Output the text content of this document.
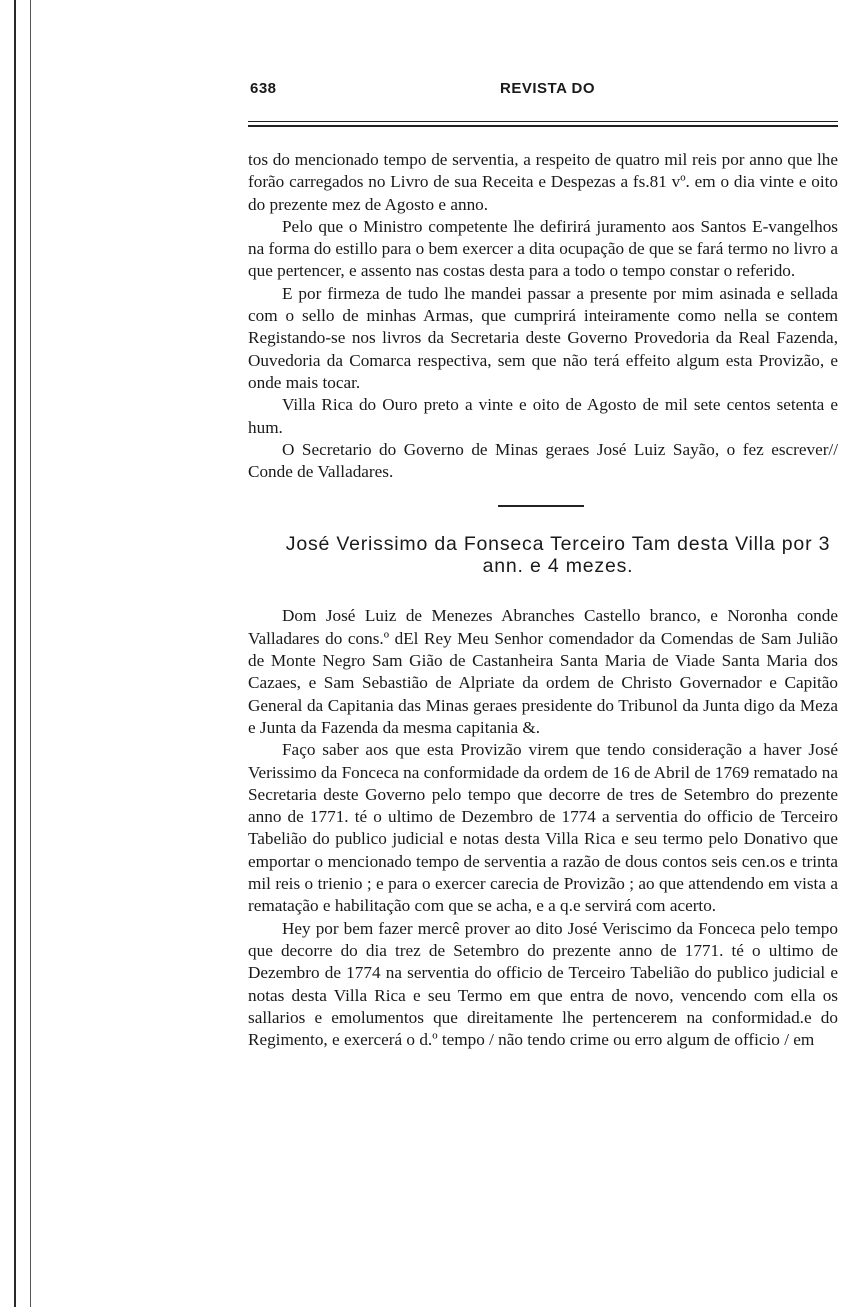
638	REVISTA DO

tos do mencionado tempo de serventia, a respeito de quatro mil reis por anno que lhe forão carregados no Livro de sua Receita e Despezas a fs.81 vº. em o dia vinte e oito do prezente mez de Agosto e anno.

Pelo que o Ministro competente lhe defirirá juramento aos Santos E-vangelhos na forma do estillo para o bem exercer a dita ocupação de que se fará termo no livro a que pertencer, e assento nas costas desta para a todo o tempo constar o referido.

E por firmeza de tudo lhe mandei passar a presente por mim asinada e sellada com o sello de minhas Armas, que cumprirá inteiramente como nella se contem Registando-se nos livros da Secretaria deste Governo Provedoria da Real Fazenda, Ouvedoria da Comarca respectiva, sem que não terá effeito algum esta Provizão, e onde mais tocar.

Villa Rica do Ouro preto a vinte e oito de Agosto de mil sete centos setenta e hum.

O Secretario do Governo de Minas geraes José Luiz Sayão, o fez escrever// Conde de Valladares.

José Verissimo da Fonseca Terceiro Tam desta Villa por 3 ann. e 4 mezes.

Dom José Luiz de Menezes Abranches Castello branco, e Noronha conde Valladares do cons.º dEl Rey Meu Senhor comendador da Comendas de Sam Julião de Monte Negro Sam Gião de Castanheira Santa Maria de Viade Santa Maria dos Cazaes, e Sam Sebastião de Alpriate da ordem de Christo Governador e Capitão General da Capitania das Minas geraes presidente do Tribunol da Junta digo da Meza e Junta da Fazenda da mesma capitania &.

Faço saber aos que esta Provizão virem que tendo consideração a haver José Verissimo da Fonceca na conformidade da ordem de 16 de Abril de 1769 rematado na Secretaria deste Governo pelo tempo que decorre de tres de Setembro do prezente anno de 1771. té o ultimo de Dezembro de 1774 a serventia do officio de Terceiro Tabelião do publico judicial e notas desta Villa Rica e seu termo pelo Donativo que emportar o mencionado tempo de serventia a razão de dous contos seis cen.os e trinta mil reis o trienio ; e para o exercer carecia de Provizão ; ao que attendendo em vista a rematação e habilitação com que se acha, e a q.e servirá com acerto.

Hey por bem fazer mercê prover ao dito José Veriscimo da Fonceca pelo tempo que decorre do dia trez de Setembro do prezente anno de 1771. té o ultimo de Dezembro de 1774 na serventia do officio de Terceiro Tabelião do publico judicial e notas desta Villa Rica e seu Termo em que entra de novo, vencendo com ella os sallarios e emolumentos que direitamente lhe pertencerem na conformidad.e do Regimento, e exercerá o d.º tempo / não tendo crime ou erro algum de officio / em
